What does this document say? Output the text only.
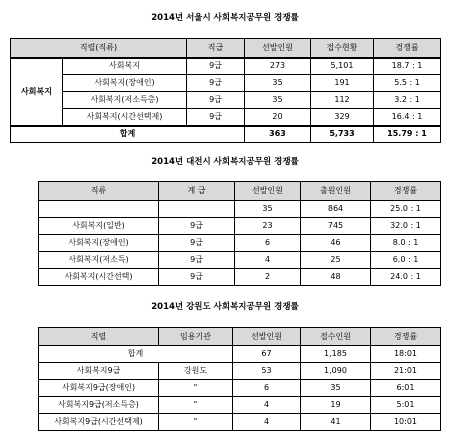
2014년 서울시 사회복지공무원 경쟁률
직렬(직류)		직급	선발인원	접수현황	경쟁률
사회복지	사회복지	9급	273	5,101	18.7 : 1
	사회복지(장애인)	9급	35	191	5.5 : 1
	사회복지(저소득층)	9급	35	112	3.2 : 1
	사회복지(시간선택제)	9급	20	329	16.4 : 1
합계			363	5,733	15.79 : 1
2014년 대전시 사회복지공무원 경쟁률
직류	계 급	선발인원	출원인원	경쟁률
		35	864	25.0 : 1
사회복지(일반)	9급	23	745	32.0 : 1
사회복지(장애인)	9급	6	46	8.0 : 1
사회복지(저소득)	9급	4	25	6.0 : 1
사회복지(시간선택)	9급	2	48	24.0 : 1
2014년 강원도 사회복지공무원 경쟁률
직렬	임용기관	선발인원	접수인원	경쟁률
합계		67	1,185	18:01
사회복지9급	강원도	53	1,090	21:01
사회복지9급(장애인)	"	6	35	6:01
사회복지9급(저소득층)	"	4	19	5:01
사회복지9급(시간선택제)	"	4	41	10:01
